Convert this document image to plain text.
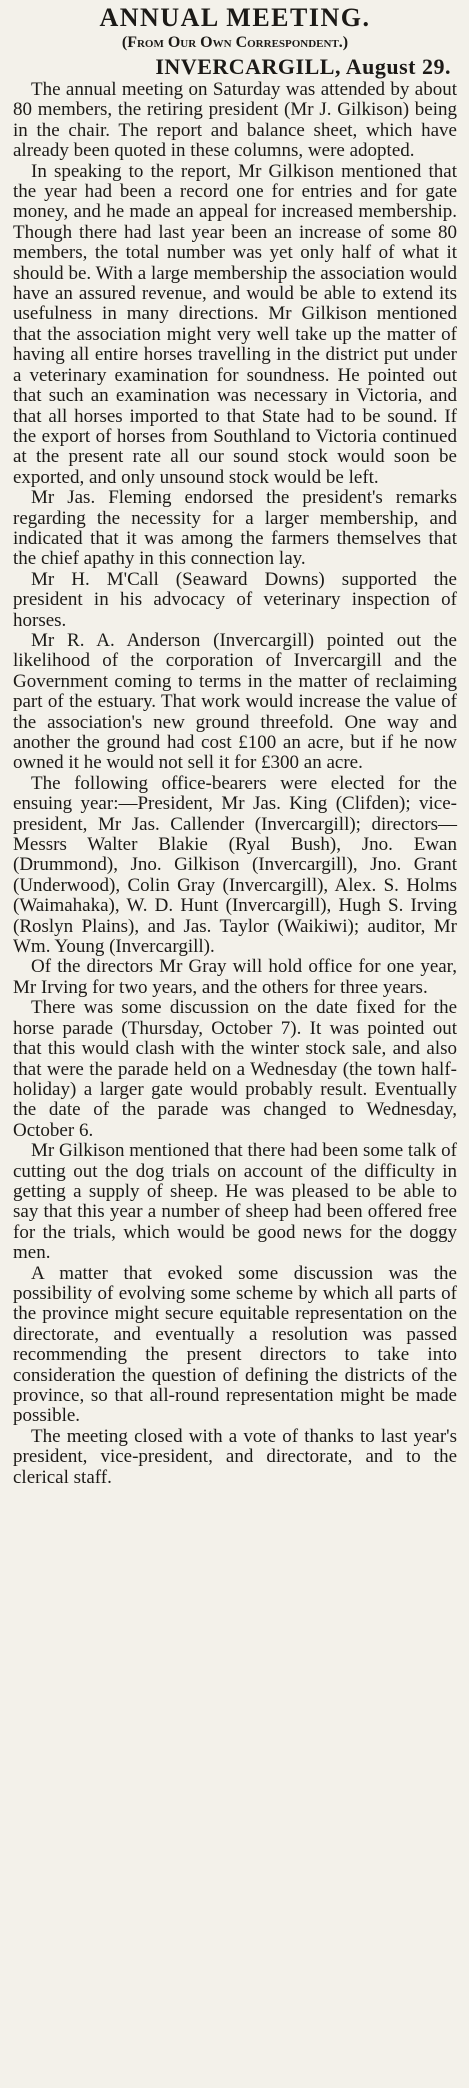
ANNUAL MEETING.
(From Our Own Correspondent.)
INVERCARGILL, August 29.

The annual meeting on Saturday was attended by about 80 members, the retiring president (Mr J. Gilkison) being in the chair. The report and balance sheet, which have already been quoted in these columns, were adopted.

In speaking to the report, Mr Gilkison mentioned that the year had been a record one for entries and for gate money, and he made an appeal for increased membership. Though there had last year been an increase of some 80 members, the total number was yet only half of what it should be. With a large membership the association would have an assured revenue, and would be able to extend its usefulness in many directions. Mr Gilkison mentioned that the association might very well take up the matter of having all entire horses travelling in the district put under a veterinary examination for soundness. He pointed out that such an examination was necessary in Victoria, and that all horses imported to that State had to be sound. If the export of horses from Southland to Victoria continued at the present rate all our sound stock would soon be exported, and only unsound stock would be left.

Mr Jas. Fleming endorsed the president's remarks regarding the necessity for a larger membership, and indicated that it was among the farmers themselves that the chief apathy in this connection lay.

Mr H. M'Call (Seaward Downs) supported the president in his advocacy of veterinary inspection of horses.

Mr R. A. Anderson (Invercargill) pointed out the likelihood of the corporation of Invercargill and the Government coming to terms in the matter of reclaiming part of the estuary. That work would increase the value of the association's new ground threefold. One way and another the ground had cost £100 an acre, but if he now owned it he would not sell it for £300 an acre.

The following office-bearers were elected for the ensuing year:—President, Mr Jas. King (Clifden); vice-president, Mr Jas. Callender (Invercargill); directors—Messrs Walter Blakie (Ryal Bush), Jno. Ewan (Drummond), Jno. Gilkison (Invercargill), Jno. Grant (Underwood), Colin Gray (Invercargill), Alex. S. Holms (Waimahaka), W. D. Hunt (Invercargill), Hugh S. Irving (Roslyn Plains), and Jas. Taylor (Waikiwi); auditor, Mr Wm. Young (Invercargill).

Of the directors Mr Gray will hold office for one year, Mr Irving for two years, and the others for three years.

There was some discussion on the date fixed for the horse parade (Thursday, October 7). It was pointed out that this would clash with the winter stock sale, and also that were the parade held on a Wednesday (the town half-holiday) a larger gate would probably result. Eventually the date of the parade was changed to Wednesday, October 6.

Mr Gilkison mentioned that there had been some talk of cutting out the dog trials on account of the difficulty in getting a supply of sheep. He was pleased to be able to say that this year a number of sheep had been offered free for the trials, which would be good news for the doggy men.

A matter that evoked some discussion was the possibility of evolving some scheme by which all parts of the province might secure equitable representation on the directorate, and eventually a resolution was passed recommending the present directors to take into consideration the question of defining the districts of the province, so that all-round representation might be made possible.

The meeting closed with a vote of thanks to last year's president, vice-president, and directorate, and to the clerical staff.
